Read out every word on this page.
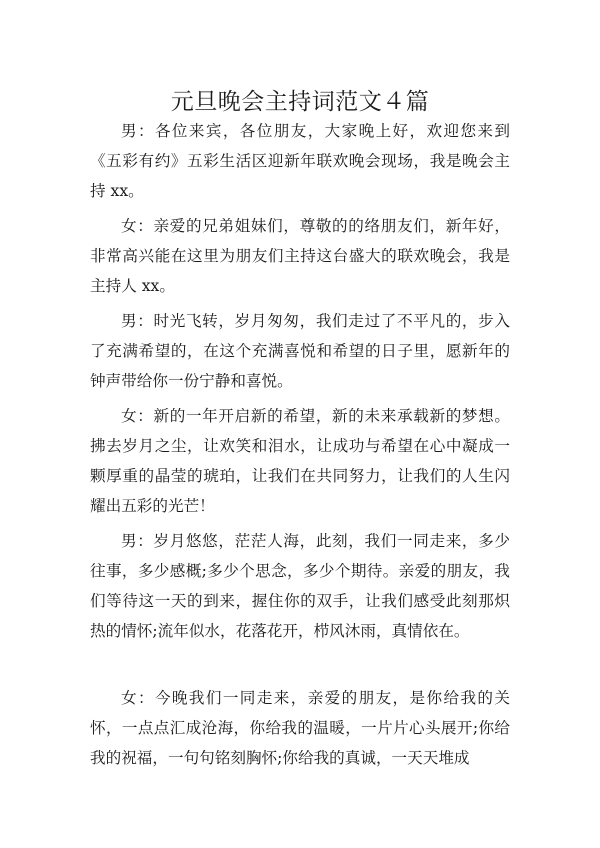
元旦晚会主持词范文４篇

男：各位来宾，各位朋友，大家晚上好，欢迎您来到《五彩有约》五彩生活区迎新年联欢晚会现场，我是晚会主持 xx。

女：亲爱的兄弟姐妹们，尊敬的的络朋友们，新年好，非常高兴能在这里为朋友们主持这台盛大的联欢晚会，我是主持人 xx。

男：时光飞转，岁月匆匆，我们走过了不平凡的，步入了充满希望的，在这个充满喜悦和希望的日子里，愿新年的钟声带给你一份宁静和喜悦。

女：新的一年开启新的希望，新的未来承载新的梦想。拂去岁月之尘，让欢笑和泪水，让成功与希望在心中凝成一颗厚重的晶莹的琥珀，让我们在共同努力，让我们的人生闪耀出五彩的光芒！

男：岁月悠悠，茫茫人海，此刻，我们一同走来，多少往事，多少感概;多少个思念，多少个期待。亲爱的朋友，我们等待这一天的到来，握住你的双手，让我们感受此刻那炽热的情怀;流年似水，花落花开，栉风沐雨，真情依在。

女：今晚我们一同走来，亲爱的朋友，是你给我的关怀，一点点汇成沧海，你给我的温暖，一片片心头展开;你给我的祝福，一句句铭刻胸怀;你给我的真诚，一天天堆成
